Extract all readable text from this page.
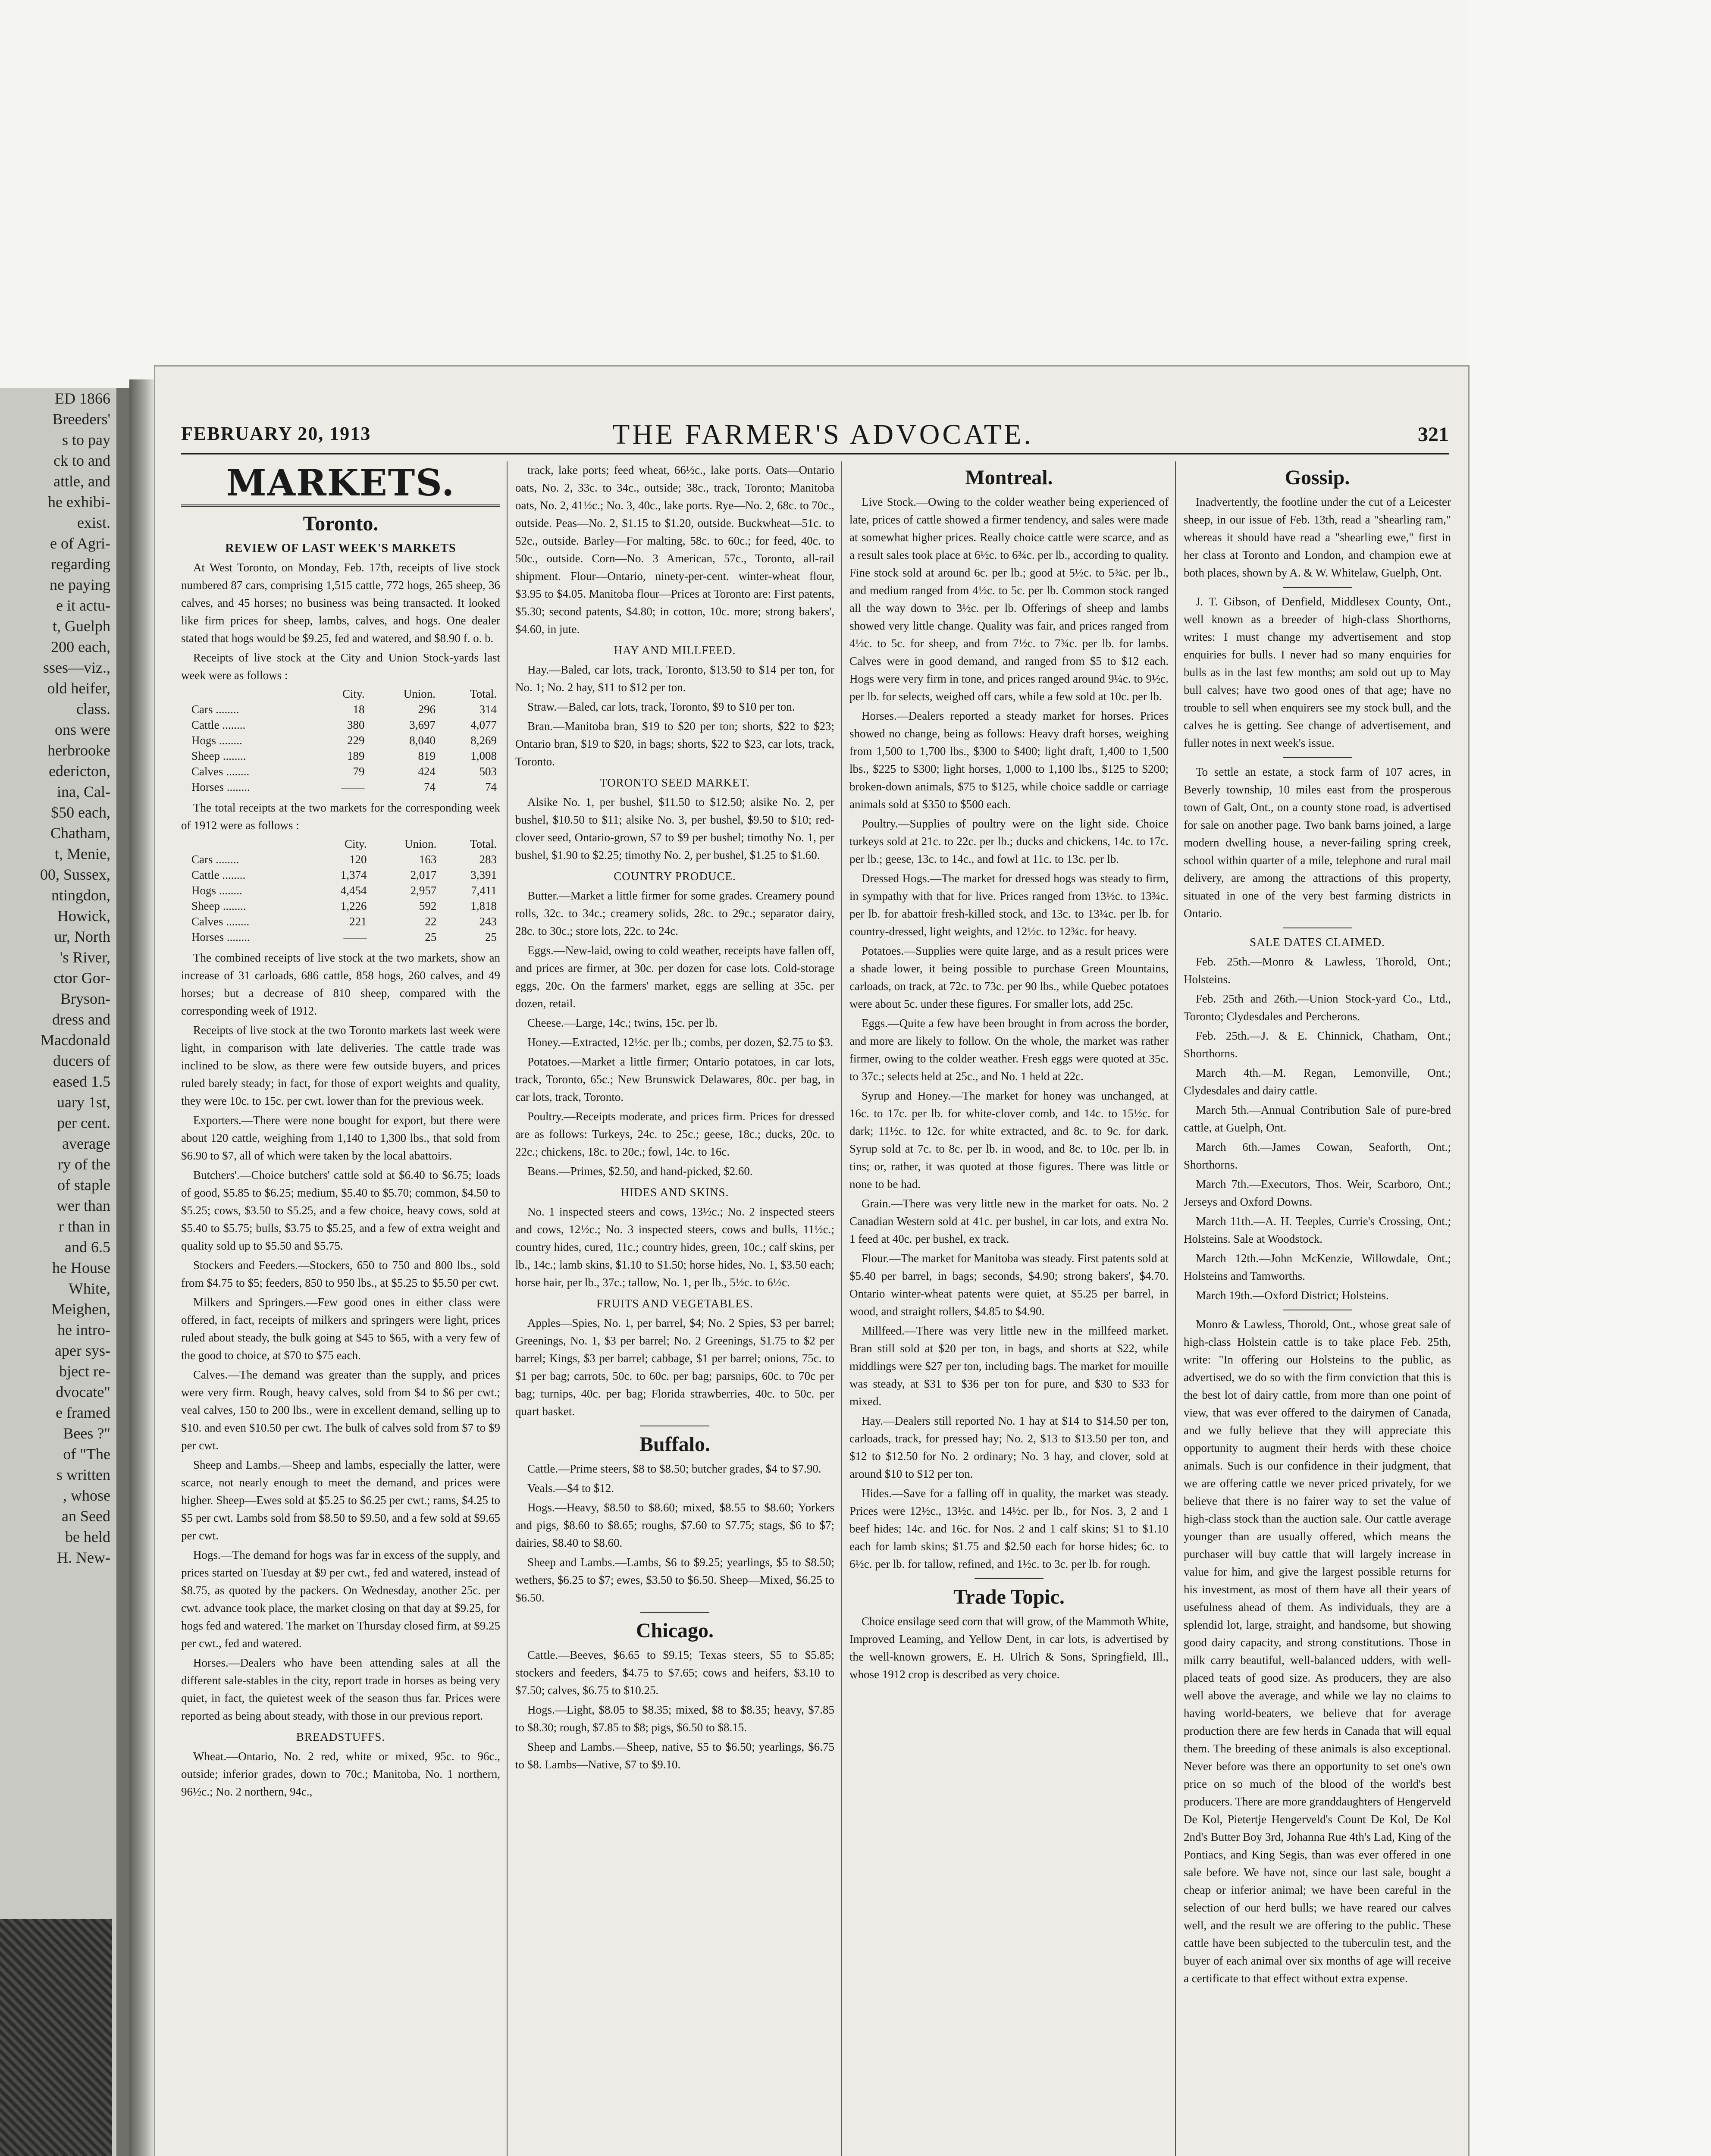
ED 1866
Breeders'
s to pay
ck to and
attle, and
he exhibi-
exist.
e of Agri-
regarding
ne paying
e it actu-
t, Guelph
200 each,
sses—viz.,
old heifer,
class.
ons were
herbrooke
edericton,
ina, Cal-
$50 each,
Chatham,
t, Menie,
00, Sussex,
ntingdon,
Howick,
ur, North
's River,
ctor Gor-
Bryson-
dress and
Macdonald
ducers of
eased 1.5
uary 1st,
per cent.
average
ry of the
of staple
wer than
r than in
and 6.5
he House
White,
Meighen,
he intro-
aper sys-
bject re-
dvocate"
e framed
Bees ?"
of "The
s written
, whose
an Seed
be held
H. New-
FEBRUARY 20, 1913	THE FARMER'S ADVOCATE.	321
MARKETS.
Toronto.
REVIEW OF LAST WEEK'S MARKETS

At West Toronto, on Monday, Feb. 17th, receipts of live stock numbered 87 cars, comprising 1,515 cattle, 772 hogs, 265 sheep, 36 calves, and 45 horses; no business was being transacted. It looked like firm prices for sheep, lambs, calves, and hogs. One dealer stated that hogs would be $9.25, fed and watered, and $8.90 f. o. b.

Receipts of live stock at the City and Union Stock-yards last week were as follows :

	City.	Union.	Total.
Cars ........	18	296	314
Cattle ........	380	3,697	4,077
Hogs ........	229	8,040	8,269
Sheep ........	189	819	1,008
Calves ........	79	424	503
Horses ........	——	74	74

The total receipts at the two markets for the corresponding week of 1912 were as follows :

	City.	Union.	Total.
Cars ........	120	163	283
Cattle ........	1,374	2,017	3,391
Hogs ........	4,454	2,957	7,411
Sheep ........	1,226	592	1,818
Calves ........	221	22	243
Horses ........	——	25	25

The combined receipts of live stock at the two markets, show an increase of 31 carloads, 686 cattle, 858 hogs, 260 calves, and 49 horses; but a decrease of 810 sheep, compared with the corresponding week of 1912.

Receipts of live stock at the two Toronto markets last week were light, in comparison with late deliveries. The cattle trade was inclined to be slow, as there were few outside buyers, and prices ruled barely steady; in fact, for those of export weights and quality, they were 10c. to 15c. per cwt. lower than for the previous week.

Exporters.—There were none bought for export, but there were about 120 cattle, weighing from 1,140 to 1,300 lbs., that sold from $6.90 to $7, all of which were taken by the local abattoirs.

Butchers'.—Choice butchers' cattle sold at $6.40 to $6.75; loads of good, $5.85 to $6.25; medium, $5.40 to $5.70; common, $4.50 to $5.25; cows, $3.50 to $5.25, and a few choice, heavy cows, sold at $5.40 to $5.75; bulls, $3.75 to $5.25, and a few of extra weight and quality sold up to $5.50 and $5.75.

Stockers and Feeders.—Stockers, 650 to 750 and 800 lbs., sold from $4.75 to $5; feeders, 850 to 950 lbs., at $5.25 to $5.50 per cwt.

Milkers and Springers.—Few good ones in either class were offered, in fact, receipts of milkers and springers were light, prices ruled about steady, the bulk going at $45 to $65, with a very few of the good to choice, at $70 to $75 each.

Calves.—The demand was greater than the supply, and prices were very firm. Rough, heavy calves, sold from $4 to $6 per cwt.; veal calves, 150 to 200 lbs., were in excellent demand, selling up to $10. and even $10.50 per cwt. The bulk of calves sold from $7 to $9 per cwt.

Sheep and Lambs.—Sheep and lambs, especially the latter, were scarce, not nearly enough to meet the demand, and prices were higher. Sheep—Ewes sold at $5.25 to $6.25 per cwt.; rams, $4.25 to $5 per cwt. Lambs sold from $8.50 to $9.50, and a few sold at $9.65 per cwt.

Hogs.—The demand for hogs was far in excess of the supply, and prices started on Tuesday at $9 per cwt., fed and watered, instead of $8.75, as quoted by the packers. On Wednesday, another 25c. per cwt. advance took place, the market closing on that day at $9.25, for hogs fed and watered. The market on Thursday closed firm, at $9.25 per cwt., fed and watered.

Horses.—Dealers who have been attending sales at all the different sale-stables in the city, report trade in horses as being very quiet, in fact, the quietest week of the season thus far. Prices were reported as being about steady, with those in our previous report.

BREADSTUFFS.

Wheat.—Ontario, No. 2 red, white or mixed, 95c. to 96c., outside; inferior grades, down to 70c.; Manitoba, No. 1 northern, 96½c.; No. 2 northern, 94c.,

track, lake ports; feed wheat, 66½c., lake ports. Oats—Ontario oats, No. 2, 33c. to 34c., outside; 38c., track, Toronto; Manitoba oats, No. 2, 41½c.; No. 3, 40c., lake ports. Rye—No. 2, 68c. to 70c., outside. Peas—No. 2, $1.15 to $1.20, outside. Buckwheat—51c. to 52c., outside. Barley—For malting, 58c. to 60c.; for feed, 40c. to 50c., outside. Corn—No. 3 American, 57c., Toronto, all-rail shipment. Flour—Ontario, ninety-per-cent. winter-wheat flour, $3.95 to $4.05. Manitoba flour—Prices at Toronto are: First patents, $5.30; second patents, $4.80; in cotton, 10c. more; strong bakers', $4.60, in jute.

HAY AND MILLFEED.

Hay.—Baled, car lots, track, Toronto, $13.50 to $14 per ton, for No. 1; No. 2 hay, $11 to $12 per ton.

Straw.—Baled, car lots, track, Toronto, $9 to $10 per ton.

Bran.—Manitoba bran, $19 to $20 per ton; shorts, $22 to $23; Ontario bran, $19 to $20, in bags; shorts, $22 to $23, car lots, track, Toronto.

TORONTO SEED MARKET.

Alsike No. 1, per bushel, $11.50 to $12.50; alsike No. 2, per bushel, $10.50 to $11; alsike No. 3, per bushel, $9.50 to $10; red-clover seed, Ontario-grown, $7 to $9 per bushel; timothy No. 1, per bushel, $1.90 to $2.25; timothy No. 2, per bushel, $1.25 to $1.60.

COUNTRY PRODUCE.

Butter.—Market a little firmer for some grades. Creamery pound rolls, 32c. to 34c.; creamery solids, 28c. to 29c.; separator dairy, 28c. to 30c.; store lots, 22c. to 24c.

Eggs.—New-laid, owing to cold weather, receipts have fallen off, and prices are firmer, at 30c. per dozen for case lots. Cold-storage eggs, 20c. On the farmers' market, eggs are selling at 35c. per dozen, retail.

Cheese.—Large, 14c.; twins, 15c. per lb.

Honey.—Extracted, 12½c. per lb.; combs, per dozen, $2.75 to $3.

Potatoes.—Market a little firmer; Ontario potatoes, in car lots, track, Toronto, 65c.; New Brunswick Delawares, 80c. per bag, in car lots, track, Toronto.

Poultry.—Receipts moderate, and prices firm. Prices for dressed are as follows: Turkeys, 24c. to 25c.; geese, 18c.; ducks, 20c. to 22c.; chickens, 18c. to 20c.; fowl, 14c. to 16c.

Beans.—Primes, $2.50, and hand-picked, $2.60.

HIDES AND SKINS.

No. 1 inspected steers and cows, 13½c.; No. 2 inspected steers and cows, 12½c.; No. 3 inspected steers, cows and bulls, 11½c.; country hides, cured, 11c.; country hides, green, 10c.; calf skins, per lb., 14c.; lamb skins, $1.10 to $1.50; horse hides, No. 1, $3.50 each; horse hair, per lb., 37c.; tallow, No. 1, per lb., 5½c. to 6½c.

FRUITS AND VEGETABLES.

Apples—Spies, No. 1, per barrel, $4; No. 2 Spies, $3 per barrel; Greenings, No. 1, $3 per barrel; No. 2 Greenings, $1.75 to $2 per barrel; Kings, $3 per barrel; cabbage, $1 per barrel; onions, 75c. to $1 per bag; carrots, 50c. to 60c. per bag; parsnips, 60c. to 70c per bag; turnips, 40c. per bag; Florida strawberries, 40c. to 50c. per quart basket.

Buffalo.

Cattle.—Prime steers, $8 to $8.50; butcher grades, $4 to $7.90.

Veals.—$4 to $12.

Hogs.—Heavy, $8.50 to $8.60; mixed, $8.55 to $8.60; Yorkers and pigs, $8.60 to $8.65; roughs, $7.60 to $7.75; stags, $6 to $7; dairies, $8.40 to $8.60.

Sheep and Lambs.—Lambs, $6 to $9.25; yearlings, $5 to $8.50; wethers, $6.25 to $7; ewes, $3.50 to $6.50. Sheep—Mixed, $6.25 to $6.50.

Chicago.

Cattle.—Beeves, $6.65 to $9.15; Texas steers, $5 to $5.85; stockers and feeders, $4.75 to $7.65; cows and heifers, $3.10 to $7.50; calves, $6.75 to $10.25.

Hogs.—Light, $8.05 to $8.35; mixed, $8 to $8.35; heavy, $7.85 to $8.30; rough, $7.85 to $8; pigs, $6.50 to $8.15.

Sheep and Lambs.—Sheep, native, $5 to $6.50; yearlings, $6.75 to $8. Lambs—Native, $7 to $9.10.

Montreal.

Live Stock.—Owing to the colder weather being experienced of late, prices of cattle showed a firmer tendency, and sales were made at somewhat higher prices. Really choice cattle were scarce, and as a result sales took place at 6½c. to 6¾c. per lb., according to quality. Fine stock sold at around 6c. per lb.; good at 5½c. to 5¾c. per lb., and medium ranged from 4½c. to 5c. per lb. Common stock ranged all the way down to 3½c. per lb. Offerings of sheep and lambs showed very little change. Quality was fair, and prices ranged from 4½c. to 5c. for sheep, and from 7½c. to 7¾c. per lb. for lambs. Calves were in good demand, and ranged from $5 to $12 each. Hogs were very firm in tone, and prices ranged around 9¼c. to 9½c. per lb. for selects, weighed off cars, while a few sold at 10c. per lb.

Horses.—Dealers reported a steady market for horses. Prices showed no change, being as follows: Heavy draft horses, weighing from 1,500 to 1,700 lbs., $300 to $400; light draft, 1,400 to 1,500 lbs., $225 to $300; light horses, 1,000 to 1,100 lbs., $125 to $200; broken-down animals, $75 to $125, while choice saddle or carriage animals sold at $350 to $500 each.

Poultry.—Supplies of poultry were on the light side. Choice turkeys sold at 21c. to 22c. per lb.; ducks and chickens, 14c. to 17c. per lb.; geese, 13c. to 14c., and fowl at 11c. to 13c. per lb.

Dressed Hogs.—The market for dressed hogs was steady to firm, in sympathy with that for live. Prices ranged from 13½c. to 13¾c. per lb. for abattoir fresh-killed stock, and 13c. to 13¼c. per lb. for country-dressed, light weights, and 12½c. to 12¾c. for heavy.

Potatoes.—Supplies were quite large, and as a result prices were a shade lower, it being possible to purchase Green Mountains, carloads, on track, at 72c. to 73c. per 90 lbs., while Quebec potatoes were about 5c. under these figures. For smaller lots, add 25c.

Eggs.—Quite a few have been brought in from across the border, and more are likely to follow. On the whole, the market was rather firmer, owing to the colder weather. Fresh eggs were quoted at 35c. to 37c.; selects held at 25c., and No. 1 held at 22c.

Syrup and Honey.—The market for honey was unchanged, at 16c. to 17c. per lb. for white-clover comb, and 14c. to 15½c. for dark; 11½c. to 12c. for white extracted, and 8c. to 9c. for dark. Syrup sold at 7c. to 8c. per lb. in wood, and 8c. to 10c. per lb. in tins; or, rather, it was quoted at those figures. There was little or none to be had.

Grain.—There was very little new in the market for oats. No. 2 Canadian Western sold at 41c. per bushel, in car lots, and extra No. 1 feed at 40c. per bushel, ex track.

Flour.—The market for Manitoba was steady. First patents sold at $5.40 per barrel, in bags; seconds, $4.90; strong bakers', $4.70. Ontario winter-wheat patents were quiet, at $5.25 per barrel, in wood, and straight rollers, $4.85 to $4.90.

Millfeed.—There was very little new in the millfeed market. Bran still sold at $20 per ton, in bags, and shorts at $22, while middlings were $27 per ton, including bags. The market for mouille was steady, at $31 to $36 per ton for pure, and $30 to $33 for mixed.

Hay.—Dealers still reported No. 1 hay at $14 to $14.50 per ton, carloads, track, for pressed hay; No. 2, $13 to $13.50 per ton, and $12 to $12.50 for No. 2 ordinary; No. 3 hay, and clover, sold at around $10 to $12 per ton.

Hides.—Save for a falling off in quality, the market was steady. Prices were 12½c., 13½c. and 14½c. per lb., for Nos. 3, 2 and 1 beef hides; 14c. and 16c. for Nos. 2 and 1 calf skins; $1 to $1.10 each for lamb skins; $1.75 and $2.50 each for horse hides; 6c. to 6½c. per lb. for tallow, refined, and 1½c. to 3c. per lb. for rough.

Trade Topic.

Choice ensilage seed corn that will grow, of the Mammoth White, Improved Leaming, and Yellow Dent, in car lots, is advertised by the well-known growers, E. H. Ulrich & Sons, Springfield, Ill., whose 1912 crop is described as very choice.

Gossip.

Inadvertently, the footline under the cut of a Leicester sheep, in our issue of Feb. 13th, read a "shearling ram," whereas it should have read a "shearling ewe," first in her class at Toronto and London, and champion ewe at both places, shown by A. & W. Whitelaw, Guelph, Ont.

J. T. Gibson, of Denfield, Middlesex County, Ont., well known as a breeder of high-class Shorthorns, writes: I must change my advertisement and stop enquiries for bulls. I never had so many enquiries for bulls as in the last few months; am sold out up to May bull calves; have two good ones of that age; have no trouble to sell when enquirers see my stock bull, and the calves he is getting. See change of advertisement, and fuller notes in next week's issue.

To settle an estate, a stock farm of 107 acres, in Beverly township, 10 miles east from the prosperous town of Galt, Ont., on a county stone road, is advertised for sale on another page. Two bank barns joined, a large modern dwelling house, a never-failing spring creek, school within quarter of a mile, telephone and rural mail delivery, are among the attractions of this property, situated in one of the very best farming districts in Ontario.

SALE DATES CLAIMED.

Feb. 25th.—Monro & Lawless, Thorold, Ont.; Holsteins.

Feb. 25th and 26th.—Union Stock-yard Co., Ltd., Toronto; Clydesdales and Percherons.

Feb. 25th.—J. & E. Chinnick, Chatham, Ont.; Shorthorns.

March 4th.—M. Regan, Lemonville, Ont.; Clydesdales and dairy cattle.

March 5th.—Annual Contribution Sale of pure-bred cattle, at Guelph, Ont.

March 6th.—James Cowan, Seaforth, Ont.; Shorthorns.

March 7th.—Executors, Thos. Weir, Scarboro, Ont.; Jerseys and Oxford Downs.

March 11th.—A. H. Teeples, Currie's Crossing, Ont.; Holsteins. Sale at Woodstock.

March 12th.—John McKenzie, Willowdale, Ont.; Holsteins and Tamworths.

March 19th.—Oxford District; Holsteins.

Monro & Lawless, Thorold, Ont., whose great sale of high-class Holstein cattle is to take place Feb. 25th, write: "In offering our Holsteins to the public, as advertised, we do so with the firm conviction that this is the best lot of dairy cattle, from more than one point of view, that was ever offered to the dairymen of Canada, and we fully believe that they will appreciate this opportunity to augment their herds with these choice animals. Such is our confidence in their judgment, that we are offering cattle we never priced privately, for we believe that there is no fairer way to set the value of high-class stock than the auction sale. Our cattle average younger than are usually offered, which means the purchaser will buy cattle that will largely increase in value for him, and give the largest possible returns for his investment, as most of them have all their years of usefulness ahead of them. As individuals, they are a splendid lot, large, straight, and handsome, but showing good dairy capacity, and strong constitutions. Those in milk carry beautiful, well-balanced udders, with well-placed teats of good size. As producers, they are also well above the average, and while we lay no claims to having world-beaters, we believe that for average production there are few herds in Canada that will equal them. The breeding of these animals is also exceptional. Never before was there an opportunity to set one's own price on so much of the blood of the world's best producers. There are more granddaughters of Hengerveld De Kol, Pietertje Hengerveld's Count De Kol, De Kol 2nd's Butter Boy 3rd, Johanna Rue 4th's Lad, King of the Pontiacs, and King Segis, than was ever offered in one sale before. We have not, since our last sale, bought a cheap or inferior animal; we have been careful in the selection of our herd bulls; we have reared our calves well, and the result we are offering to the public. These cattle have been subjected to the tuberculin test, and the buyer of each animal over six months of age will receive a certificate to that effect without extra expense.
